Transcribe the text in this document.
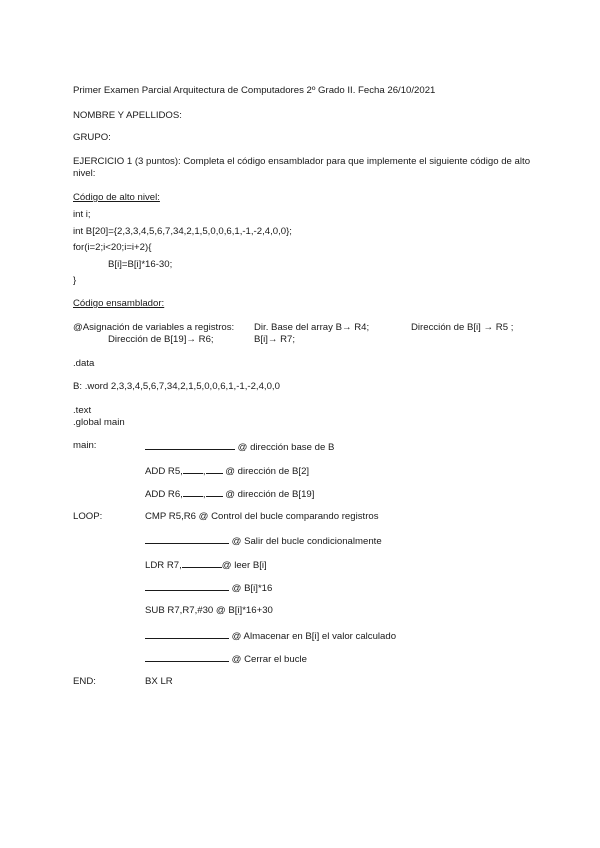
Primer Examen Parcial Arquitectura de Computadores 2º Grado II. Fecha 26/10/2021
NOMBRE Y APELLIDOS:
GRUPO:
EJERCICIO 1 (3 puntos): Completa el código ensamblador para que implemente el siguiente código de alto nivel:
Código de alto nivel:
int i;
int B[20]={2,3,3,4,5,6,7,34,2,1,5,0,0,6,1,-1,-2,4,0,0};
for(i=2;i<20;i=i+2){
B[i]=B[i]*16-30;
}
Código ensamblador:
@Asignación de variables a registros: Dir. Base del array B→ R4;	Dirección de B[i] → R5 ;
Dirección de B[19]→ R6;	B[i]→ R7;
.data
B: .word 2,3,3,4,5,6,7,34,2,1,5,0,0,6,1,-1,-2,4,0,0
.text
.global main
main:	@ dirección base de B
ADD R5, , @ dirección de B[2]
ADD R6, , @ dirección de B[19]
LOOP:	CMP R5,R6 @ Control del bucle comparando registros
@ Salir del bucle condicionalmente
LDR R7,	@ leer B[i]
@ B[i]*16
SUB R7,R7,#30 @ B[i]*16+30
@ Almacenar en B[i] el valor calculado
@ Cerrar el bucle
END:	BX LR
